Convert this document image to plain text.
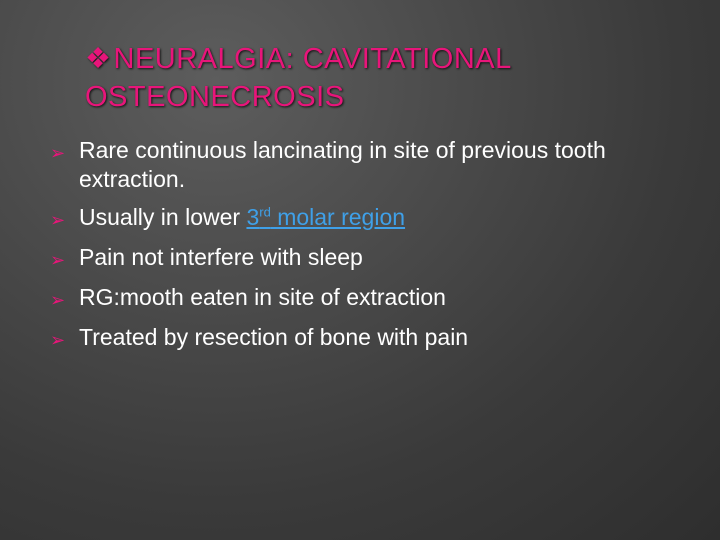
❖NEURALGIA: CAVITATIONAL OSTEONECROSIS
➢ Rare continuous lancinating in site of previous tooth extraction.
➢ Usually in lower 3rd molar region
➢ Pain not interfere with sleep
➢ RG:mooth eaten in site of extraction
➢ Treated by resection of bone with pain
